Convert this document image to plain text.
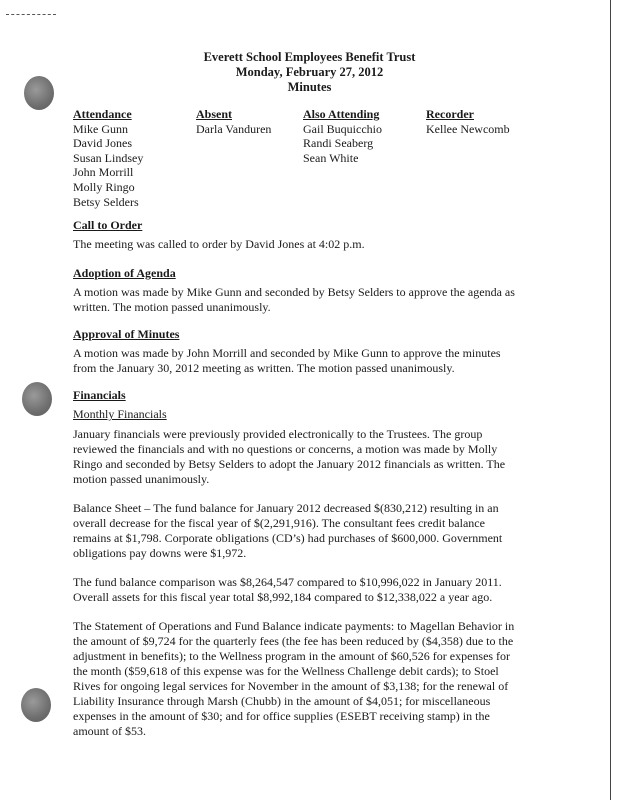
Everett School Employees Benefit Trust
Monday, February 27, 2012
Minutes
Attendance
Mike Gunn
David Jones
Susan Lindsey
John Morrill
Molly Ringo
Betsy Selders
Absent
Darla Vanduren
Also Attending
Gail Buquicchio
Randi Seaberg
Sean White
Recorder
Kellee Newcomb
Call to Order

The meeting was called to order by David Jones at 4:02 p.m.

Adoption of Agenda

A motion was made by Mike Gunn and seconded by Betsy Selders to approve the agenda as
written. The motion passed unanimously.

Approval of Minutes

A motion was made by John Morrill and seconded by Mike Gunn to approve the minutes
from the January 30, 2012 meeting as written. The motion passed unanimously.

Financials
Monthly Financials

January financials were previously provided electronically to the Trustees. The group
reviewed the financials and with no questions or concerns, a motion was made by Molly
Ringo and seconded by Betsy Selders to adopt the January 2012 financials as written. The
motion passed unanimously.

Balance Sheet – The fund balance for January 2012 decreased $(830,212) resulting in an
overall decrease for the fiscal year of $(2,291,916). The consultant fees credit balance
remains at $1,798. Corporate obligations (CD’s) had purchases of $600,000. Government
obligations pay downs were $1,972.

The fund balance comparison was $8,264,547 compared to $10,996,022 in January 2011.
Overall assets for this fiscal year total $8,992,184 compared to $12,338,022 a year ago.

The Statement of Operations and Fund Balance indicate payments: to Magellan Behavior in
the amount of $9,724 for the quarterly fees (the fee has been reduced by ($4,358) due to the
adjustment in benefits); to the Wellness program in the amount of $60,526 for expenses for
the month ($59,618 of this expense was for the Wellness Challenge debit cards); to Stoel
Rives for ongoing legal services for November in the amount of $3,138; for the renewal of
Liability Insurance through Marsh (Chubb) in the amount of $4,051; for miscellaneous
expenses in the amount of $30; and for office supplies (ESEBT receiving stamp) in the
amount of $53.
